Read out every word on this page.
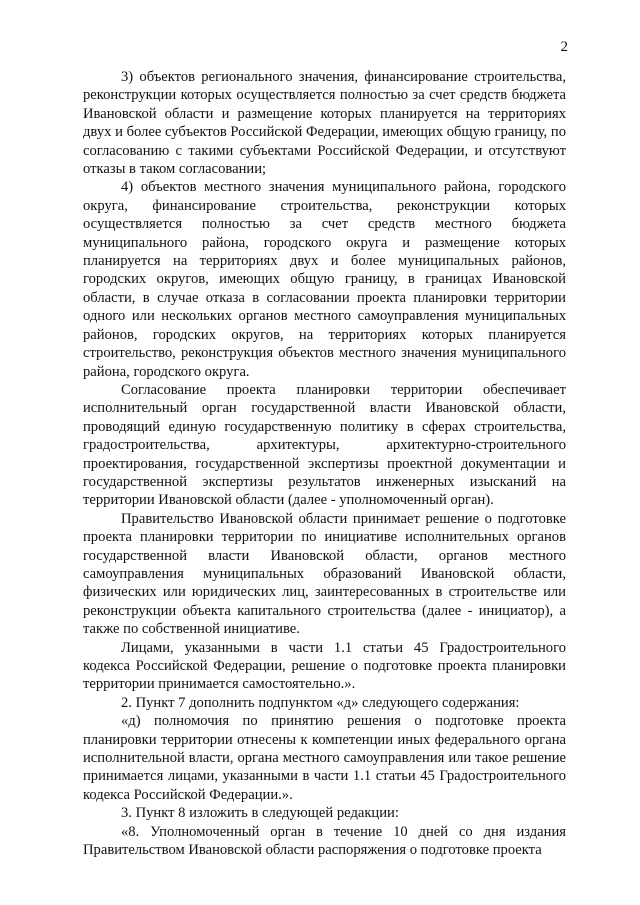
2

3) объектов регионального значения, финансирование строительства, реконструкции которых осуществляется полностью за счет средств бюджета Ивановской области и размещение которых планируется на территориях двух и более субъектов Российской Федерации, имеющих общую границу, по согласованию с такими субъектами Российской Федерации, и отсутствуют отказы в таком согласовании;

4) объектов местного значения муниципального района, городского округа, финансирование строительства, реконструкции которых осуществляется полностью за счет средств местного бюджета муниципального района, городского округа и размещение которых планируется на территориях двух и более муниципальных районов, городских округов, имеющих общую границу, в границах Ивановской области, в случае отказа в согласовании проекта планировки территории одного или нескольких органов местного самоуправления муниципальных районов, городских округов, на территориях которых планируется строительство, реконструкция объектов местного значения муниципального района, городского округа.

Согласование проекта планировки территории обеспечивает исполнительный орган государственной власти Ивановской области, проводящий единую государственную политику в сферах строительства, градостроительства, архитектуры, архитектурно-строительного проектирования, государственной экспертизы проектной документации и государственной экспертизы результатов инженерных изысканий на территории Ивановской области (далее - уполномоченный орган).

Правительство Ивановской области принимает решение о подготовке проекта планировки территории по инициативе исполнительных органов государственной власти Ивановской области, органов местного самоуправления муниципальных образований Ивановской области, физических или юридических лиц, заинтересованных в строительстве или реконструкции объекта капитального строительства (далее - инициатор), а также по собственной инициативе.

Лицами, указанными в части 1.1 статьи 45 Градостроительного кодекса Российской Федерации, решение о подготовке проекта планировки территории принимается самостоятельно.».

2. Пункт 7 дополнить подпунктом «д» следующего содержания:

«д) полномочия по принятию решения о подготовке проекта планировки территории отнесены к компетенции иных федерального органа исполнительной власти, органа местного самоуправления или такое решение принимается лицами, указанными в части 1.1 статьи 45 Градостроительного кодекса Российской Федерации.».

3. Пункт 8 изложить в следующей редакции:

«8. Уполномоченный орган в течение 10 дней со дня издания Правительством Ивановской области распоряжения о подготовке проекта
